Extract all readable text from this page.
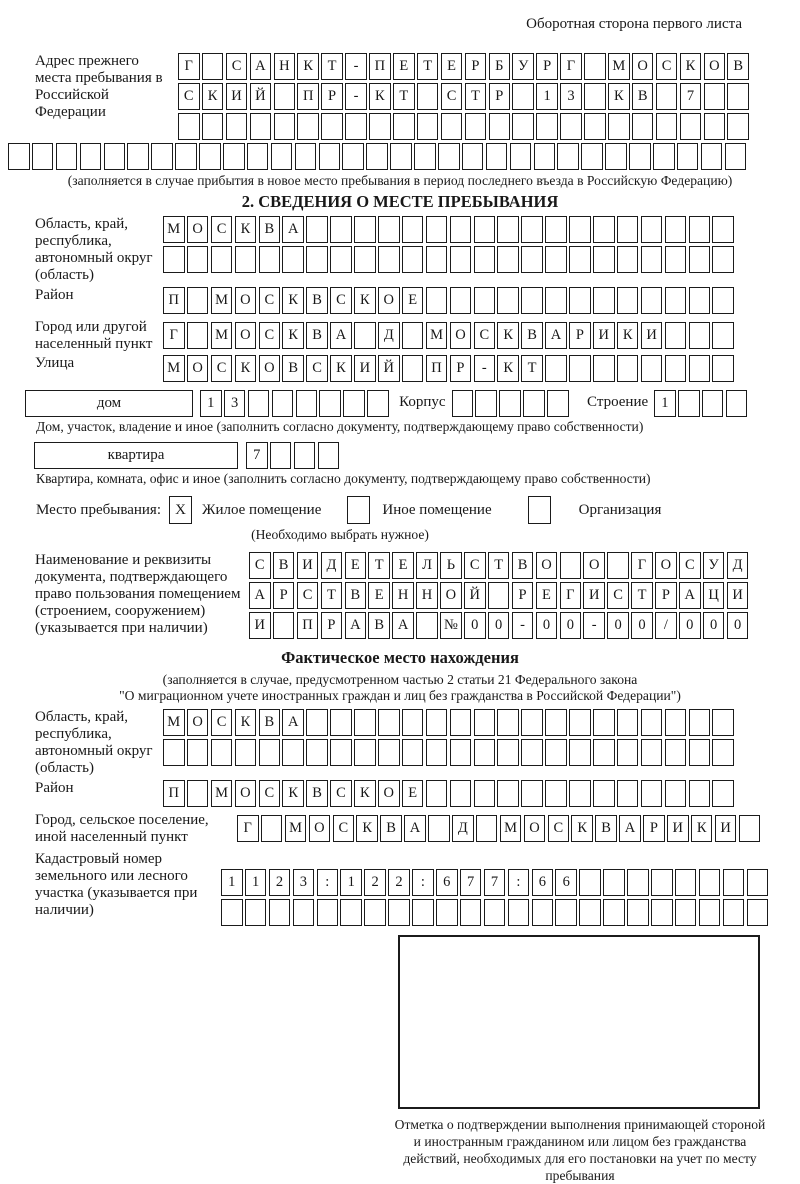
Оборотная сторона первого листа
Адрес прежнего места пребывания в Российской Федерации
Г	С А Н К	Т	-	П Е	Т	Е	Р	Б	У	Р	Г	М О С К О В
С К И Й	П	Р	-	К	Т	С	Т	Р	1	3	К В	7
(заполняется в случае прибытия в новое место пребывания в период последнего въезда в Российскую Федерацию)
2. СВЕДЕНИЯ О МЕСТЕ ПРЕБЫВАНИЯ
Область, край, республика, автономный округ (область)
М О С К В А
Район	П	М О С К В С К О Е
Город или другой населенный пункт
Г	М О С К В А	Д	М О С К В А	Р	И К И
Улица	М О С К О В С К И Й	П	Р	-	К	Т
дом	1	3	Корпус	Строение 1
Дом, участок, владение и иное (заполнить согласно документу, подтверждающему право собственности)
квартира	7
Квартира, комната, офис и иное (заполнить согласно документу, подтверждающему право собственности)
Место пребывания: X	Жилое помещение	Иное помещение	Организация
(Необходимо выбрать нужное)
Наименование и реквизиты документа, подтверждающего право пользования помещением (строением, сооружением) (указывается при наличии)
С В И Д	Е	Т	Е	Л	Ь	С	Т	В О	О	Г О С У Д
А	Р	С	Т	В	Е Н Н О Й	Р	Е	Г И С	Т	Р	А Ц И
И	П	Р	А В А	№ 0	0	-	0	0	-	0	0	/	0	0	0
Фактическое место нахождения
(заполняется в случае, предусмотренном частью 2 статьи 21 Федерального закона
"О миграционном учете иностранных граждан и лиц без гражданства в Российской Федерации")
Область, край, республика, автономный округ (область)
М О С К В А
Район	П	М О С К В С К О Е
Город, сельское поселение, иной населенный пункт
Г	М О С К В А	Д	М О С К В А	Р	И К И
Кадастровый номер земельного или лесного участка (указывается при наличии)
1	1	2	3	:	1	2	2	:	6	7	7	:	6	6
Отметка о подтверждении выполнения принимающей стороной и иностранным гражданином или лицом без гражданства действий, необходимых для его постановки на учет по месту пребывания
